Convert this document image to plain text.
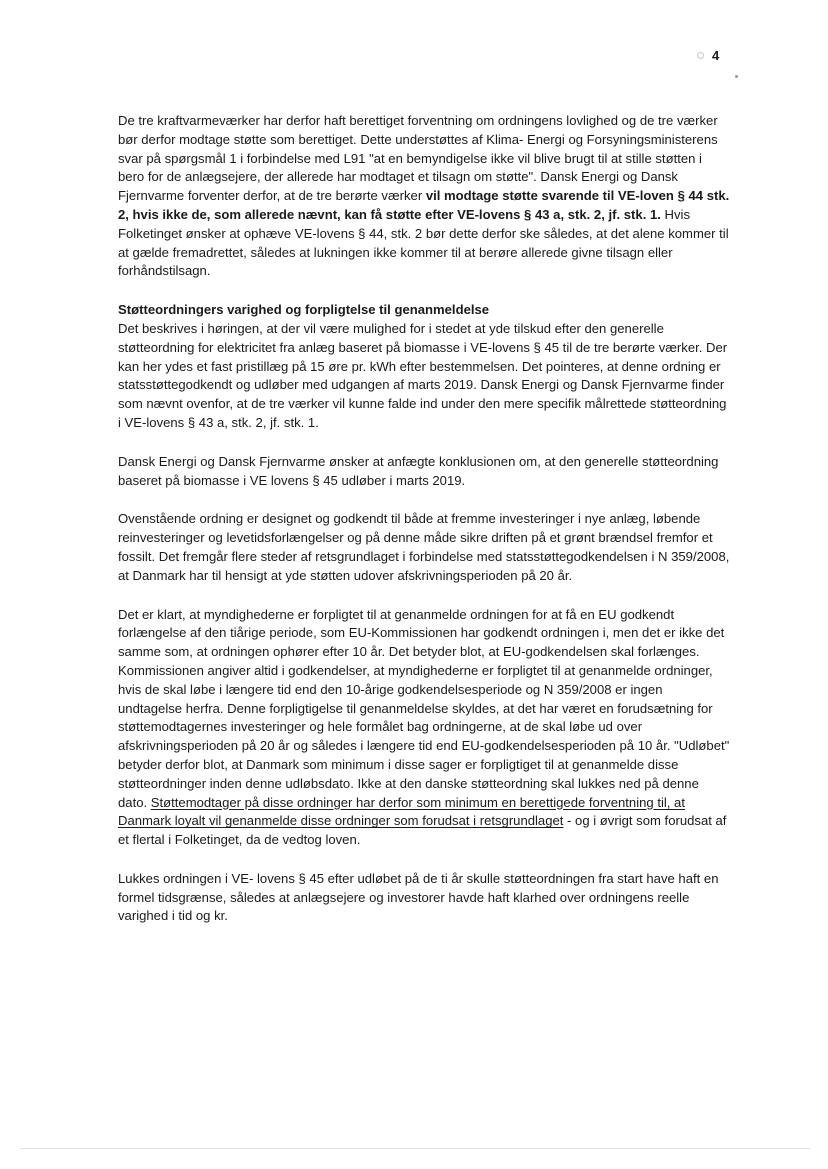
4

De tre kraftvarmeværker har derfor haft berettiget forventning om ordningens lovlighed og de tre værker bør derfor modtage støtte som berettiget. Dette understøttes af Klima- Energi og Forsyningsministerens svar på spørgsmål 1 i forbindelse med L91 "at en bemyndigelse ikke vil blive brugt til at stille støtten i bero for de anlægsejere, der allerede har modtaget et tilsagn om støtte". Dansk Energi og Dansk Fjernvarme forventer derfor, at de tre berørte værker vil modtage støtte svarende til VE-loven § 44 stk. 2, hvis ikke de, som allerede nævnt, kan få støtte efter VE-lovens § 43 a, stk. 2, jf. stk. 1. Hvis Folketinget ønsker at ophæve VE-lovens § 44, stk. 2 bør dette derfor ske således, at det alene kommer til at gælde fremadrettet, således at lukningen ikke kommer til at berøre allerede givne tilsagn eller forhåndstilsagn.

Støtteordningers varighed og forpligtelse til genanmeldelse

Det beskrives i høringen, at der vil være mulighed for i stedet at yde tilskud efter den generelle støtteordning for elektricitet fra anlæg baseret på biomasse i VE-lovens § 45 til de tre berørte værker. Der kan her ydes et fast pristillæg på 15 øre pr. kWh efter bestemmelsen. Det pointeres, at denne ordning er statsstøttegodkendt og udløber med udgangen af marts 2019. Dansk Energi og Dansk Fjernvarme finder som nævnt ovenfor, at de tre værker vil kunne falde ind under den mere specifik målrettede støtteordning i VE-lovens § 43 a, stk. 2, jf. stk. 1.

Dansk Energi og Dansk Fjernvarme ønsker at anfægte konklusionen om, at den generelle støtteordning baseret på biomasse i VE lovens § 45 udløber i marts 2019.

Ovenstående ordning er designet og godkendt til både at fremme investeringer i nye anlæg, løbende reinvesteringer og levetidsforlængelser og på denne måde sikre driften på et grønt brændsel fremfor et fossilt. Det fremgår flere steder af retsgrundlaget i forbindelse med statsstøttegodkendelsen i N 359/2008, at Danmark har til hensigt at yde støtten udover afskrivningsperioden på 20 år.

Det er klart, at myndighederne er forpligtet til at genanmelde ordningen for at få en EU godkendt forlængelse af den tiårige periode, som EU-Kommissionen har godkendt ordningen i, men det er ikke det samme som, at ordningen ophører efter 10 år. Det betyder blot, at EU-godkendelsen skal forlænges. Kommissionen angiver altid i godkendelser, at myndighederne er forpligtet til at genanmelde ordninger, hvis de skal løbe i længere tid end den 10-årige godkendelsesperiode og N 359/2008 er ingen undtagelse herfra. Denne forpligtigelse til genanmeldelse skyldes, at det har været en forudsætning for støttemodtagernes investeringer og hele formålet bag ordningerne, at de skal løbe ud over afskrivningsperioden på 20 år og således i længere tid end EU-godkendelsesperioden på 10 år. "Udløbet" betyder derfor blot, at Danmark som minimum i disse sager er forpligtiget til at genanmelde disse støtteordninger inden denne udløbsdato. Ikke at den danske støtteordning skal lukkes ned på denne dato. Støttemodtager på disse ordninger har derfor som minimum en berettigede forventning til, at Danmark loyalt vil genanmelde disse ordninger som forudsat i retsgrundlaget - og i øvrigt som forudsat af et flertal i Folketinget, da de vedtog loven.

Lukkes ordningen i VE- lovens § 45 efter udløbet på de ti år skulle støtteordningen fra start have haft en formel tidsgrænse, således at anlægsejere og investorer havde haft klarhed over ordningens reelle varighed i tid og kr.
